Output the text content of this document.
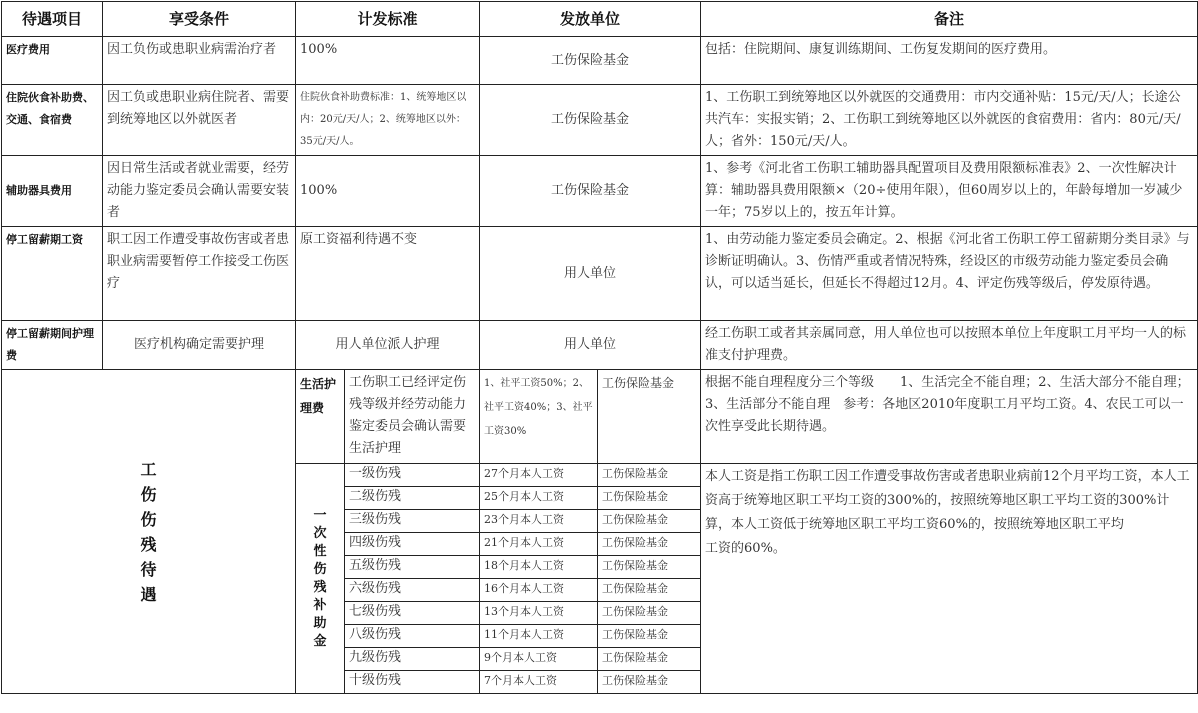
待遇项目	享受条件	计发标准		发放单位		备注
医疗费用	因工负伤或患职业病需治疗者	100%		工伤保险基金		包括：住院期间、康复训练期间、工伤复发期间的医疗费用。
住院伙食补助费、交通、食宿费	因工负或患职业病住院者、需要到统筹地区以外就医者	住院伙食补助费标准：1、统筹地区以内：20元/天/人；2、统筹地区以外：35元/天/人。		工伤保险基金		1、工伤职工到统筹地区以外就医的交通费用：市内交通补贴：15元/天/人；长途公共汽车：实报实销；2、工伤职工到统筹地区以外就医的食宿费用：省内：80元/天/人；省外：150元/天/人。
辅助器具费用	因日常生活或者就业需要，经劳动能力鉴定委员会确认需要安装者	100%		工伤保险基金		1、参考《河北省工伤职工辅助器具配置项目及费用限额标准表》2、一次性解决计算：辅助器具费用限额×（20÷使用年限），但60周岁以上的，年龄每增加一岁减少一年；75岁以上的，按五年计算。
停工留薪期工资	职工因工作遭受事故伤害或者患职业病需要暂停工作接受工伤医疗	原工资福利待遇不变		用人单位		1、由劳动能力鉴定委员会确定。2、根据《河北省工伤职工停工留薪期分类目录》与诊断证明确认。3、伤情严重或者情况特殊，经设区的市级劳动能力鉴定委员会确认，可以适当延长，但延长不得超过12月。4、评定伤残等级后，停发原待遇。
停工留薪期间护理费	医疗机构确定需要护理	用人单位派人护理		用人单位		经工伤职工或者其亲属同意，用人单位也可以按照本单位上年度职工月平均一人的标准支付护理费。

工伤伤残待遇		生活护理费	工伤职工已经评定伤残等级并经劳动能力鉴定委员会确认需要生活护理	1、社平工资50%；2、社平工资40%；3、社平工资30%	工伤保险基金	根据不能自理程度分三个等级　　1、生活完全不能自理；2、生活大部分不能自理；3、生活部分不能自理　参考：各地区2010年度职工月平均工资。4、农民工可以一次性享受此长期待遇。

		一次性伤残补助金	一级伤残	27个月本人工资	工伤保险基金	本人工资是指工伤职工因工作遭受事故伤害或者患职业病前12个月平均工资，本人工资高于统筹地区职工平均工资的300%的，按照统筹地区职工平均工资的300%计算，本人工资低于统筹地区职工平均工资60%的，按照统筹地区职工平均
工资的60%。

			二级伤残	25个月本人工资	工伤保险基金	
			三级伤残	23个月本人工资	工伤保险基金	
			四级伤残	21个月本人工资	工伤保险基金	
			五级伤残	18个月本人工资	工伤保险基金	
			六级伤残	16个月本人工资	工伤保险基金	
			七级伤残	13个月本人工资	工伤保险基金	
			八级伤残	11个月本人工资	工伤保险基金	
			九级伤残	9个月本人工资	工伤保险基金	
			十级伤残	7个月本人工资	工伤保险基金	
